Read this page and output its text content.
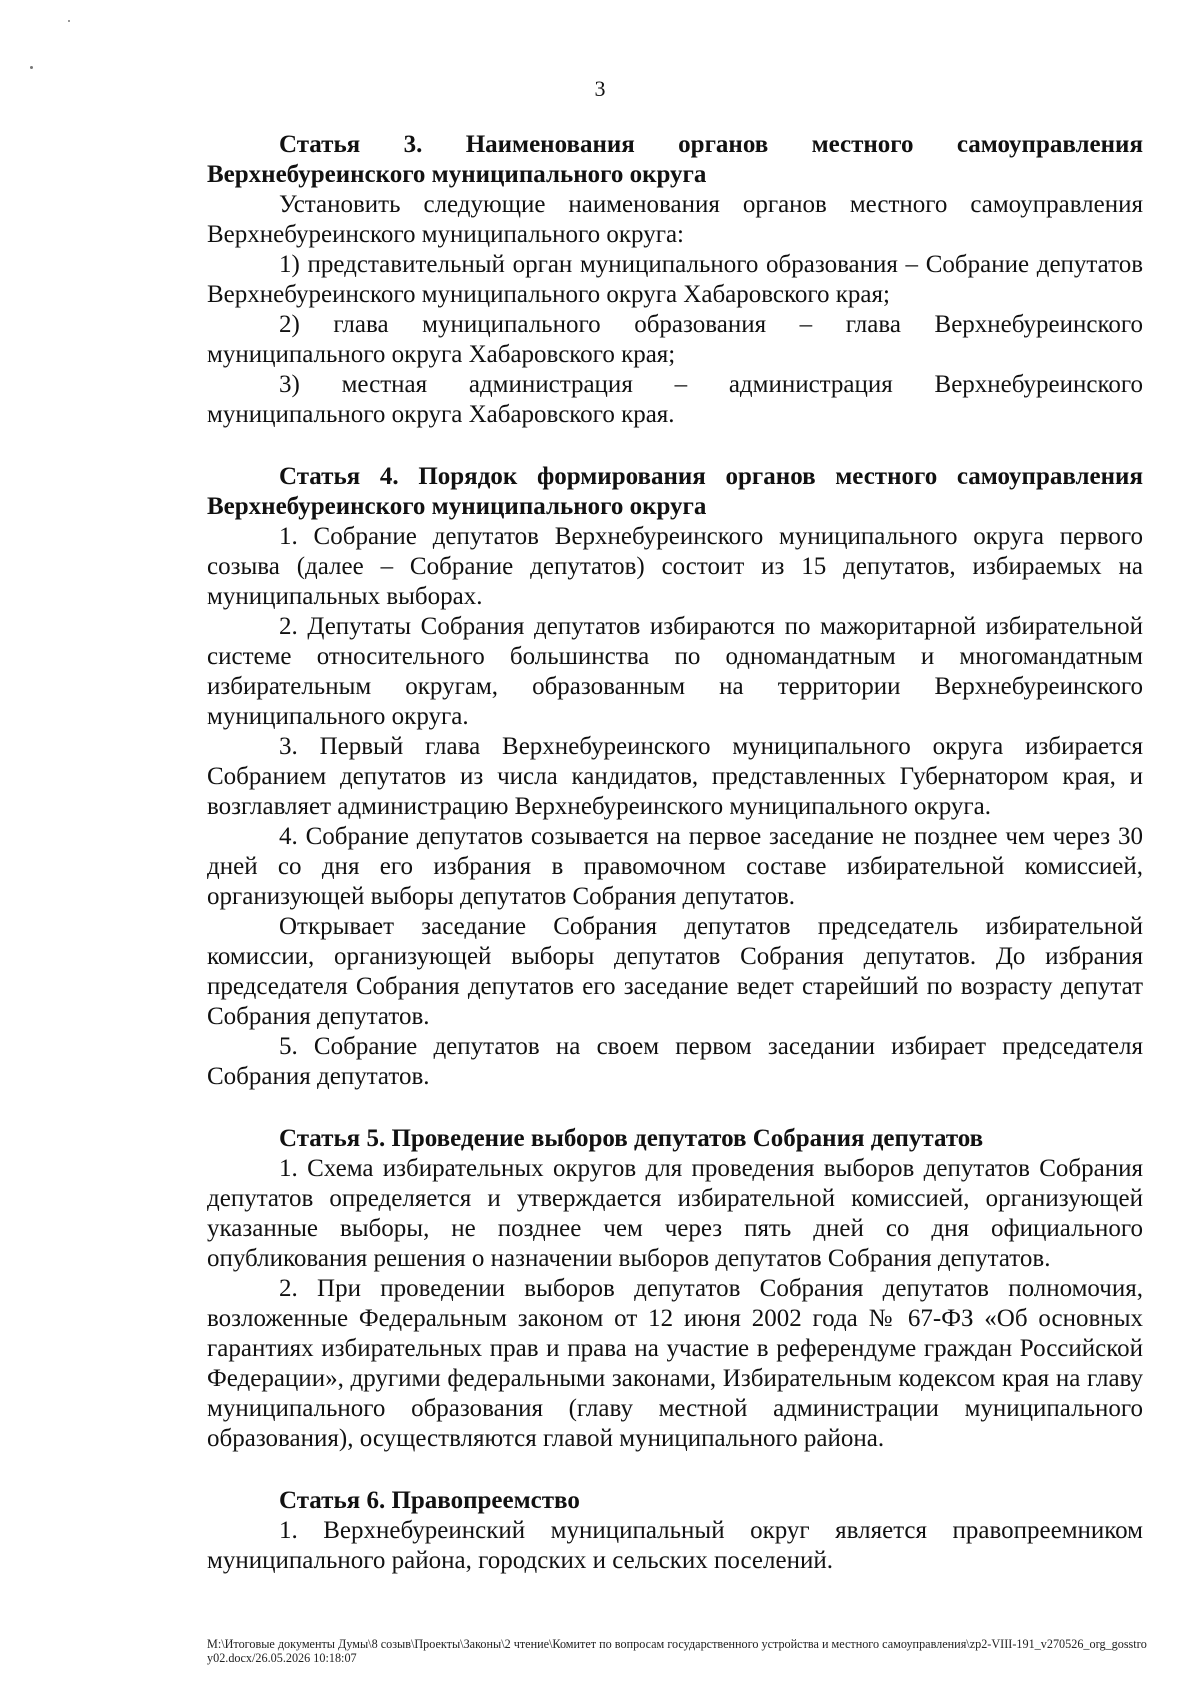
3

Статья 3. Наименования органов местного самоуправления Верхнебуреинского муниципального округа

Установить следующие наименования органов местного самоуправления Верхнебуреинского муниципального округа:

1) представительный орган муниципального образования – Собрание депутатов Верхнебуреинского муниципального округа Хабаровского края;

2) глава муниципального образования – глава Верхнебуреинского муниципального округа Хабаровского края;

3) местная администрация – администрация Верхнебуреинского муниципального округа Хабаровского края.

Статья 4. Порядок формирования органов местного самоуправления Верхнебуреинского муниципального округа

1. Собрание депутатов Верхнебуреинского муниципального округа первого созыва (далее – Собрание депутатов) состоит из 15 депутатов, избираемых на муниципальных выборах.

2. Депутаты Собрания депутатов избираются по мажоритарной избирательной системе относительного большинства по одномандатным и многомандатным избирательным округам, образованным на территории Верхнебуреинского муниципального округа.

3. Первый глава Верхнебуреинского муниципального округа избирается Собранием депутатов из числа кандидатов, представленных Губернатором края, и возглавляет администрацию Верхнебуреинского муниципального округа.

4. Собрание депутатов созывается на первое заседание не позднее чем через 30 дней со дня его избрания в правомочном составе избирательной комиссией, организующей выборы депутатов Собрания депутатов.

Открывает заседание Собрания депутатов председатель избирательной комиссии, организующей выборы депутатов Собрания депутатов. До избрания председателя Собрания депутатов его заседание ведет старейший по возрасту депутат Собрания депутатов.

5. Собрание депутатов на своем первом заседании избирает председателя Собрания депутатов.

Статья 5. Проведение выборов депутатов Собрания депутатов

1. Схема избирательных округов для проведения выборов депутатов Собрания депутатов определяется и утверждается избирательной комиссией, организующей указанные выборы, не позднее чем через пять дней со дня официального опубликования решения о назначении выборов депутатов Собрания депутатов.

2. При проведении выборов депутатов Собрания депутатов полномочия, возложенные Федеральным законом от 12 июня 2002 года № 67-ФЗ «Об основных гарантиях избирательных прав и права на участие в референдуме граждан Российской Федерации», другими федеральными законами, Избирательным кодексом края на главу муниципального образования (главу местной администрации муниципального образования), осуществляются главой муниципального района.

Статья 6. Правопреемство

1. Верхнебуреинский муниципальный округ является правопреемником муниципального района, городских и сельских поселений.

M:\Итоговые документы Думы\8 созыв\Проекты\Законы\2 чтение\Комитет по вопросам государственного устройства и местного самоуправления\zp2-VIII-191_v270526_org_gosstroy02.docx/26.05.2026 10:18:07
